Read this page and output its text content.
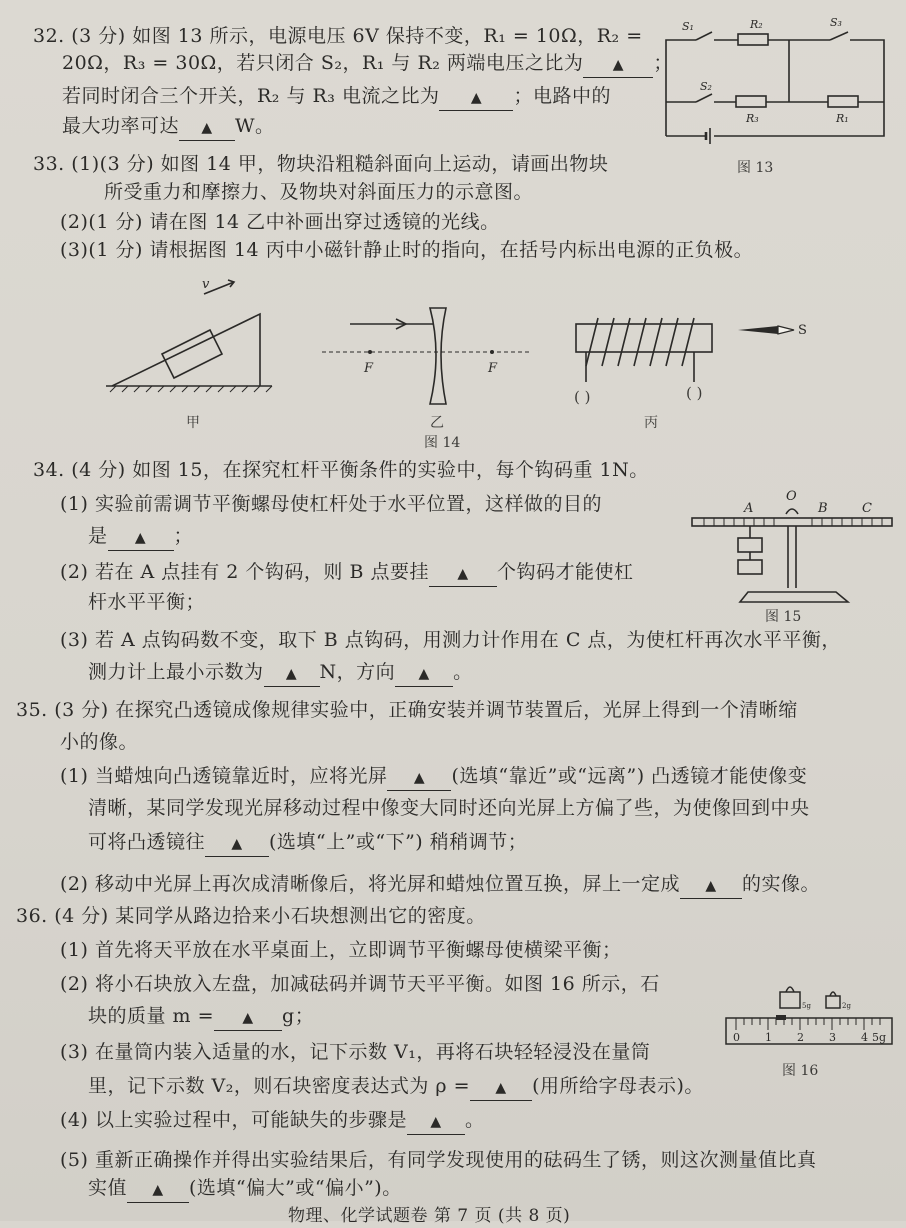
32. (3 分) 如图 13 所示，电源电压 6V 保持不变，R₁ = 10Ω，R₂ =
20Ω，R₃ = 30Ω，若只闭合 S₂，R₁ 与 R₂ 两端电压之比为 ▲ ；
若同时闭合三个开关，R₂ 与 R₃ 电流之比为 ▲ ；电路中的
最大功率可达 ▲ W。
S₁	R₂	S₃
S₂
R₃	R₁
图 13
33. (1)(3 分) 如图 14 甲，物块沿粗糙斜面向上运动，请画出物块
所受重力和摩擦力、及物块对斜面压力的示意图。
(2)(1 分) 请在图 14 乙中补画出穿过透镜的光线。
(3)(1 分) 请根据图 14 丙中小磁针静止时的指向，在括号内标出电源的正负极。
v
甲
F	F
乙
S
( )	( )
丙
图 14
34. (4 分) 如图 15，在探究杠杆平衡条件的实验中，每个钩码重 1N。
(1) 实验前需调节平衡螺母使杠杆处于水平位置，这样做的目的
是 ▲ ；
(2) 若在 A 点挂有 2 个钩码，则 B 点要挂 ▲ 个钩码才能使杠
杆水平平衡；
A
O
B	C
图 15
(3) 若 A 点钩码数不变，取下 B 点钩码，用测力计作用在 C 点，为使杠杆再次水平平衡，
测力计上最小示数为 ▲ N，方向 ▲ 。
35. (3 分) 在探究凸透镜成像规律实验中，正确安装并调节装置后，光屏上得到一个清晰缩
小的像。
(1) 当蜡烛向凸透镜靠近时，应将光屏 ▲ (选填“靠近”或“远离”) 凸透镜才能使像变
清晰，某同学发现光屏移动过程中像变大同时还向光屏上方偏了些，为使像回到中央
可将凸透镜往 ▲ (选填“上”或“下”) 稍稍调节；
(2) 移动中光屏上再次成清晰像后，将光屏和蜡烛位置互换，屏上一定成 ▲ 的实像。
36. (4 分) 某同学从路边拾来小石块想测出它的密度。
(1) 首先将天平放在水平桌面上，立即调节平衡螺母使横梁平衡；
(2) 将小石块放入左盘，加减砝码并调节天平平衡。如图 16 所示，石
块的质量 m = ▲ g；
(3) 在量筒内装入适量的水，记下示数 V₁，再将石块轻轻浸没在量筒
里，记下示数 V₂，则石块密度表达式为 ρ = ▲ (用所给字母表示)。
(4) 以上实验过程中，可能缺失的步骤是 ▲ 。
(5) 重新正确操作并得出实验结果后，有同学发现使用的砝码生了锈，则这次测量值比真
实值 ▲ (选填“偏大”或“偏小”)。
5g	2g
0 1 2 3 4 5g
图 16
物理、化学试题卷 第 7 页 (共 8 页)
